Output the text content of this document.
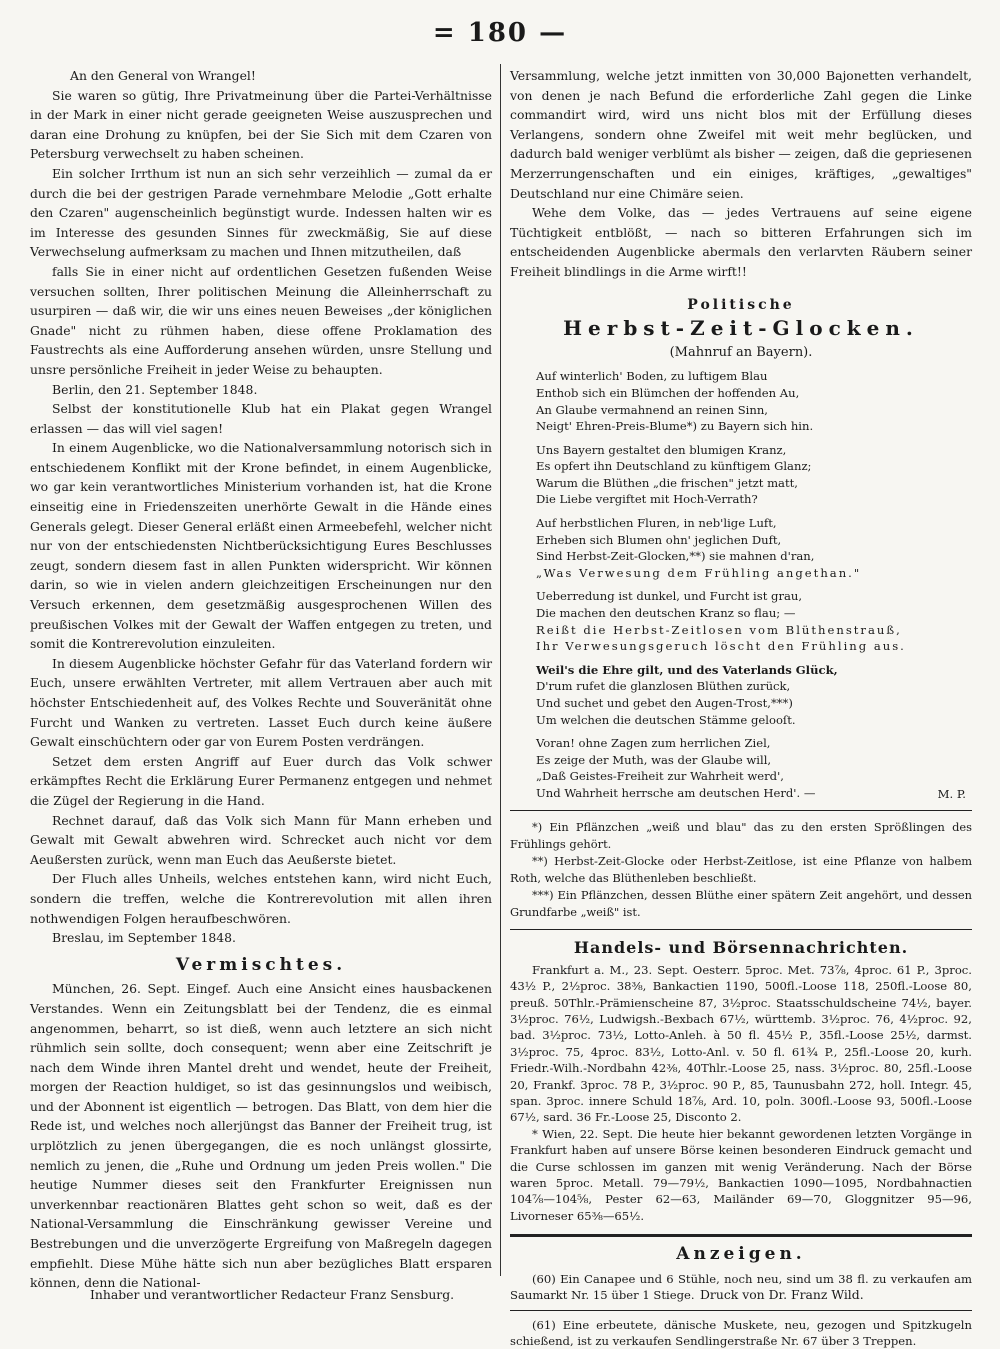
= 180 —

An den General von Wrangel!

Sie waren so gütig, Ihre Privatmeinung über die Partei-Verhältnisse in der Mark in einer nicht gerade geeigneten Weise auszusprechen und daran eine Drohung zu knüpfen, bei der Sie Sich mit dem Czaren von Petersburg verwechselt zu haben scheinen.

Ein solcher Irrthum ist nun an sich sehr verzeihlich — zumal da er durch die bei der gestrigen Parade vernehmbare Melodie „Gott erhalte den Czaren" augenscheinlich begünstigt wurde. Indessen halten wir es im Interesse des gesunden Sinnes für zweckmäßig, Sie auf diese Verwechselung aufmerksam zu machen und Ihnen mitzutheilen, daß

falls Sie in einer nicht auf ordentlichen Gesetzen fußenden Weise versuchen sollten, Ihrer politischen Meinung die Alleinherrschaft zu usurpiren — daß wir, die wir uns eines neuen Beweises „der königlichen Gnade" nicht zu rühmen haben, diese offene Proklamation des Faustrechts als eine Aufforderung ansehen würden, unsre Stellung und unsre persönliche Freiheit in jeder Weise zu behaupten.

Berlin, den 21. September 1848.

Selbst der konstitutionelle Klub hat ein Plakat gegen Wrangel erlassen — das will viel sagen!

In einem Augenblicke, wo die Nationalversammlung notorisch sich in entschiedenem Konflikt mit der Krone befindet, in einem Augenblicke, wo gar kein verantwortliches Ministerium vorhanden ist, hat die Krone einseitig eine in Friedenszeiten unerhörte Gewalt in die Hände eines Generals gelegt. Dieser General erläßt einen Armeebefehl, welcher nicht nur von der entschiedensten Nichtberücksichtigung Eures Beschlusses zeugt, sondern diesem fast in allen Punkten widerspricht. Wir können darin, so wie in vielen andern gleichzeitigen Erscheinungen nur den Versuch erkennen, dem gesetzmäßig ausgesprochenen Willen des preußischen Volkes mit der Gewalt der Waffen entgegen zu treten, und somit die Kontrerevolution einzuleiten.

In diesem Augenblicke höchster Gefahr für das Vaterland fordern wir Euch, unsere erwählten Vertreter, mit allem Vertrauen aber auch mit höchster Entschiedenheit auf, des Volkes Rechte und Souveränität ohne Furcht und Wanken zu vertreten. Lasset Euch durch keine äußere Gewalt einschüchtern oder gar von Eurem Posten verdrängen.

Setzet dem ersten Angriff auf Euer durch das Volk schwer erkämpftes Recht die Erklärung Eurer Permanenz entgegen und nehmet die Zügel der Regierung in die Hand.

Rechnet darauf, daß das Volk sich Mann für Mann erheben und Gewalt mit Gewalt abwehren wird. Schrecket auch nicht vor dem Aeußersten zurück, wenn man Euch das Aeußerste bietet.

Der Fluch alles Unheils, welches entstehen kann, wird nicht Euch, sondern die treffen, welche die Kontrerevolution mit allen ihren nothwendigen Folgen heraufbeschwören.

Breslau, im September 1848.

Vermischtes.

München, 26. Sept. Eingef. Auch eine Ansicht eines hausbackenen Verstandes. Wenn ein Zeitungsblatt bei der Tendenz, die es einmal angenommen, beharrt, so ist dieß, wenn auch letztere an sich nicht rühmlich sein sollte, doch consequent; wenn aber eine Zeitschrift je nach dem Winde ihren Mantel dreht und wendet, heute der Freiheit, morgen der Reaction huldiget, so ist das gesinnungslos und weibisch, und der Abonnent ist eigentlich — betrogen. Das Blatt, von dem hier die Rede ist, und welches noch allerjüngst das Banner der Freiheit trug, ist urplötzlich zu jenen übergegangen, die es noch unlängst glossirte, nemlich zu jenen, die „Ruhe und Ordnung um jeden Preis wollen." Die heutige Nummer dieses seit den Frankfurter Ereignissen nun unverkennbar reactionären Blattes geht schon so weit, daß es der National-Versammlung die Einschränkung gewisser Vereine und Bestrebungen und die unverzögerte Ergreifung von Maßregeln dagegen empfiehlt. Diese Mühe hätte sich nun aber bezügliches Blatt ersparen können, denn die National-

Versammlung, welche jetzt inmitten von 30,000 Bajonetten verhandelt, von denen je nach Befund die erforderliche Zahl gegen die Linke commandirt wird, wird uns nicht blos mit der Erfüllung dieses Verlangens, sondern ohne Zweifel mit weit mehr beglücken, und dadurch bald weniger verblümt als bisher — zeigen, daß die gepriesenen Merzerrungenschaften und ein einiges, kräftiges, „gewaltiges" Deutschland nur eine Chimäre seien.

Wehe dem Volke, das — jedes Vertrauens auf seine eigene Tüchtigkeit entblößt, — nach so bitteren Erfahrungen sich im entscheidenden Augenblicke abermals den verlarvten Räubern seiner Freiheit blindlings in die Arme wirft!!

Politische
Herbst-Zeit-Glocken.
(Mahnruf an Bayern).
Auf winterlich' Boden, zu luftigem Blau
Enthob sich ein Blümchen der hoffenden Au,
An Glaube vermahnend an reinen Sinn,
Neigt' Ehren-Preis-Blume*) zu Bayern sich hin.
Uns Bayern gestaltet den blumigen Kranz,
Es opfert ihn Deutschland zu künftigem Glanz;
Warum die Blüthen „die frischen" jetzt matt,
Die Liebe vergiftet mit Hoch-Verrath?
Auf herbstlichen Fluren, in neb'lige Luft,
Erheben sich Blumen ohn' jeglichen Duft,
Sind Herbst-Zeit-Glocken,**) sie mahnen d'ran,
„Was Verwesung dem Frühling angethan."
Ueberredung ist dunkel, und Furcht ist grau,
Die machen den deutschen Kranz so flau; —
Reißt die Herbst-Zeitlosen vom Blüthenstrauß,
Ihr Verwesungsgeruch löscht den Frühling aus.
Weil's die Ehre gilt, und des Vaterlands Glück,
D'rum rufet die glanzlosen Blüthen zurück,
Und suchet und gebet den Augen-Trost,***)
Um welchen die deutschen Stämme gelooſt.
Voran! ohne Zagen zum herrlichen Ziel,
Es zeige der Muth, was der Glaube will,
„Daß Geistes-Freiheit zur Wahrheit werd',
Und Wahrheit herrsche am deutschen Herd'. —	M. P.

*) Ein Pflänzchen „weiß und blau" das zu den ersten Sprößlingen des Frühlings gehört.

**) Herbst-Zeit-Glocke oder Herbst-Zeitlose, ist eine Pflanze von halbem Roth, welche das Blüthenleben beschließt.

***) Ein Pflänzchen, dessen Blüthe einer spätern Zeit angehört, und dessen Grundfarbe „weiß" ist.

Handels- und Börsennachrichten.

Frankfurt a. M., 23. Sept. Oesterr. 5proc. Met. 73⅞, 4proc. 61 P., 3proc. 43½ P., 2½proc. 38⅜, Bankactien 1190, 500fl.-Loose 118, 250fl.-Loose 80, preuß. 50Thlr.-Prämienscheine 87, 3½proc. Staatsschuldscheine 74½, bayer. 3½proc. 76½, Ludwigsh.-Bexbach 67½, württemb. 3½proc. 76, 4½proc. 92, bad. 3½proc. 73½, Lotto-Anleh. à 50 fl. 45½ P., 35fl.-Loose 25½, darmst. 3½proc. 75, 4proc. 83½, Lotto-Anl. v. 50 fl. 61¾ P., 25fl.-Loose 20, kurh. Friedr.-Wilh.-Nordbahn 42⅜, 40Thlr.-Loose 25, nass. 3½proc. 80, 25fl.-Loose 20, Frankf. 3proc. 78 P., 3½proc. 90 P., 85, Taunusbahn 272, holl. Integr. 45, span. 3proc. innere Schuld 18⅞, Ard. 10, poln. 300fl.-Loose 93, 500fl.-Loose 67½, sard. 36 Fr.-Loose 25, Disconto 2.

* Wien, 22. Sept. Die heute hier bekannt gewordenen letzten Vorgänge in Frankfurt haben auf unsere Börse keinen besonderen Eindruck gemacht und die Curse schlossen im ganzen mit wenig Veränderung. Nach der Börse waren 5proc. Metall. 79—79½, Bankactien 1090—1095, Nordbahnactien 104⅞—104⅝, Pester 62—63, Mailänder 69—70, Gloggnitzer 95—96, Livorneser 65⅜—65½.

Anzeigen.

(60) Ein Canapee und 6 Stühle, noch neu, sind um 38 fl. zu verkaufen am Saumarkt Nr. 15 über 1 Stiege.

(61) Eine erbeutete, dänische Muskete, neu, gezogen und Spitzkugeln schießend, ist zu verkaufen Sendlingerstraße Nr. 67 über 3 Treppen.

Inhaber und verantwortlicher Redacteur Franz Sensburg.	Druck von Dr. Franz Wild.
